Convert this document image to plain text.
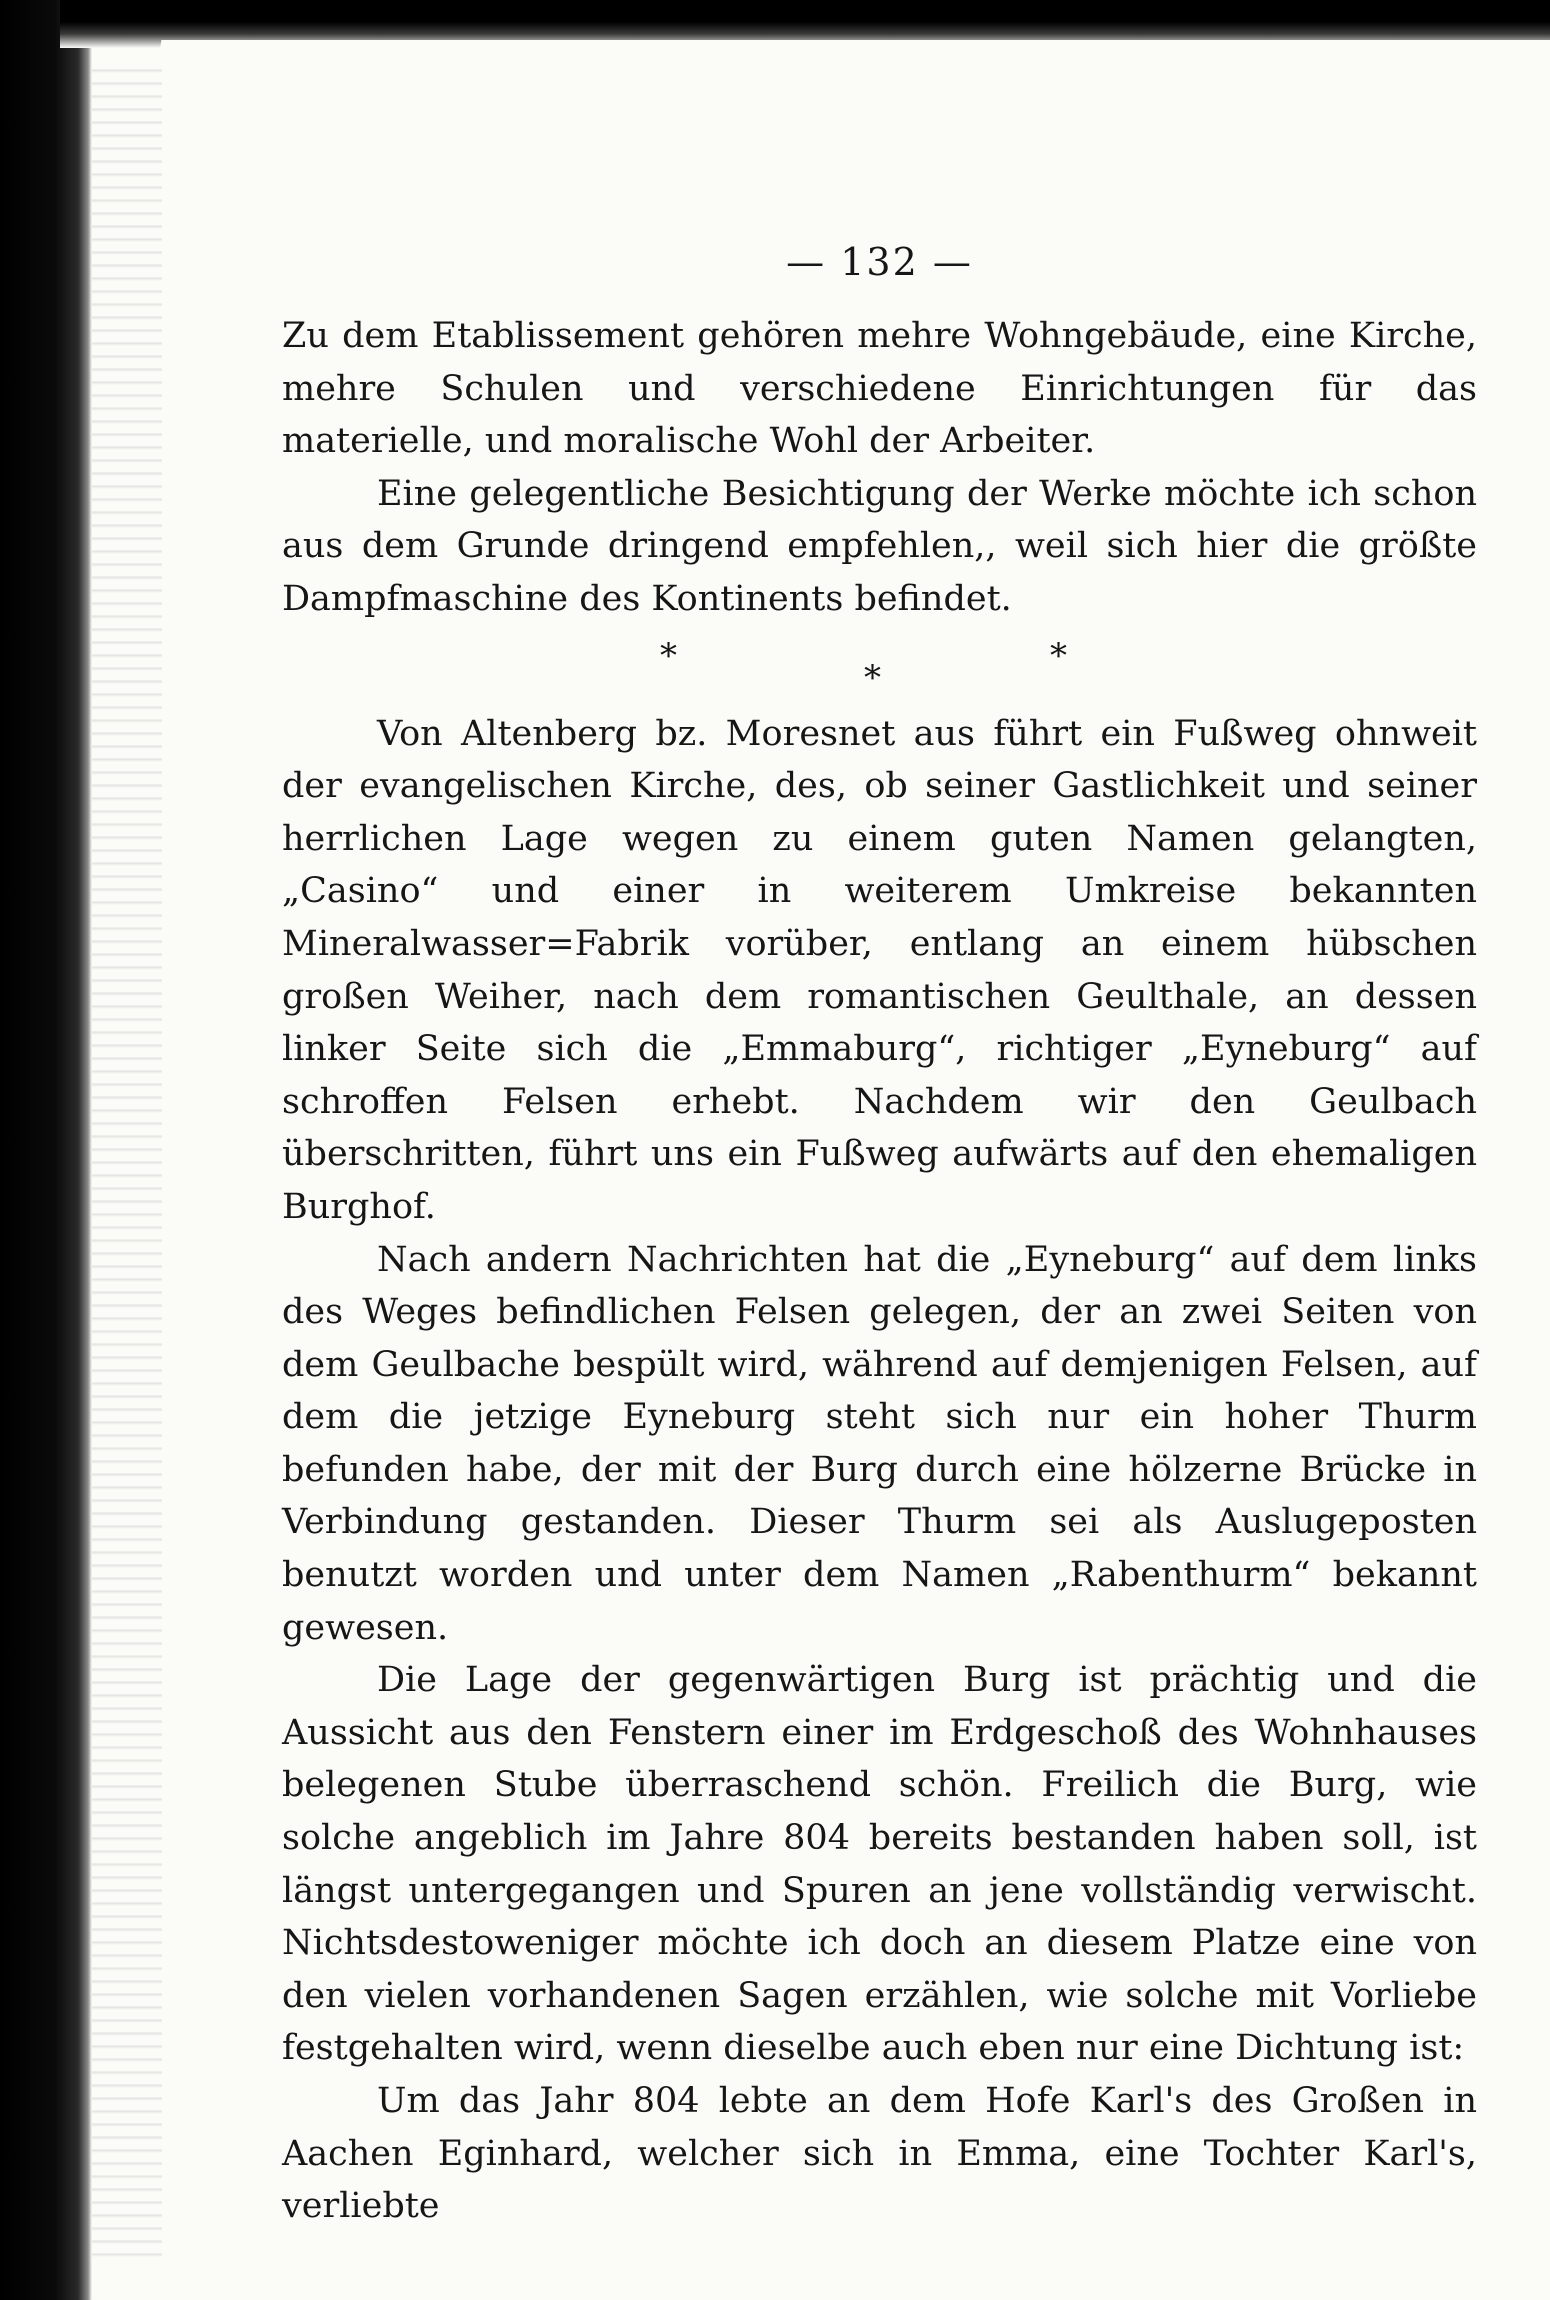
— 132 —

Zu dem Etablissement gehören mehre Wohngebäude, eine Kirche, mehre Schulen und verschiedene Einrichtungen für das materielle, und moralische Wohl der Arbeiter.

Eine gelegentliche Besichtigung der Werke möchte ich schon aus dem Grunde dringend empfehlen,, weil sich hier die größte Dampfmaschine des Kontinents befindet.

*
*
*

Von Altenberg bz. Moresnet aus führt ein Fußweg ohnweit der evangelischen Kirche, des, ob seiner Gastlichkeit und seiner herrlichen Lage wegen zu einem guten Namen gelangten, „Casino“ und einer in weiterem Umkreise bekannten Mineralwasser=Fabrik vorüber, entlang an einem hübschen großen Weiher, nach dem romantischen Geulthale, an dessen linker Seite sich die „Emmaburg“, richtiger „Eyneburg“ auf schroffen Felsen erhebt. Nachdem wir den Geulbach überschritten, führt uns ein Fußweg aufwärts auf den ehemaligen Burghof.

Nach andern Nachrichten hat die „Eyneburg“ auf dem links des Weges befindlichen Felsen gelegen, der an zwei Seiten von dem Geulbache bespült wird, während auf demjenigen Felsen, auf dem die jetzige Eyneburg steht sich nur ein hoher Thurm befunden habe, der mit der Burg durch eine hölzerne Brücke in Verbindung gestanden. Dieser Thurm sei als Auslugeposten benutzt worden und unter dem Namen „Rabenthurm“ bekannt gewesen.

Die Lage der gegenwärtigen Burg ist prächtig und die Aussicht aus den Fenstern einer im Erdgeschoß des Wohnhauses belegenen Stube überraschend schön. Freilich die Burg, wie solche angeblich im Jahre 804 bereits bestanden haben soll, ist längst untergegangen und Spuren an jene vollständig verwischt. Nichtsdestoweniger möchte ich doch an diesem Platze eine von den vielen vorhandenen Sagen erzählen, wie solche mit Vorliebe festgehalten wird, wenn dieselbe auch eben nur eine Dichtung ist:

Um das Jahr 804 lebte an dem Hofe Karl's des Großen in Aachen Eginhard, welcher sich in Emma, eine Tochter Karl's, verliebte
